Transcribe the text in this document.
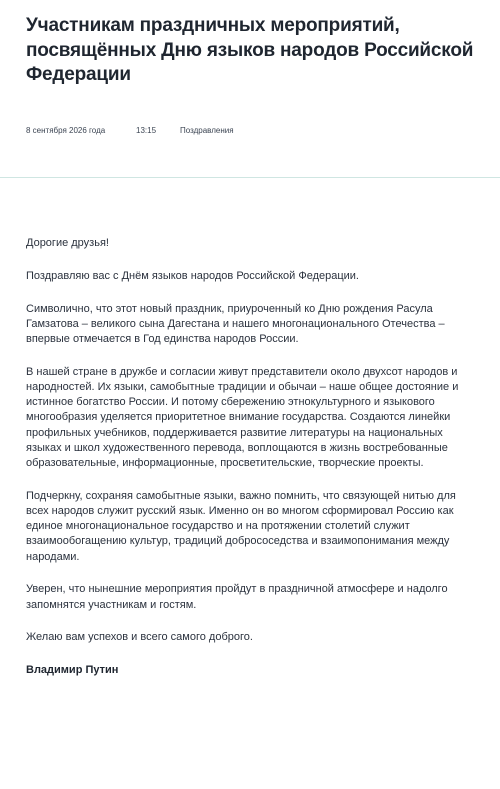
Участникам праздничных мероприятий, посвящённых Дню языков народов Российской Федерации
8 сентября 2026 года	13:15	Поздравления

Дорогие друзья!

Поздравляю вас с Днём языков народов Российской Федерации.

Символично, что этот новый праздник, приуроченный ко Дню рождения Расула Гамзатова – великого сына Дагестана и нашего многонационального Отечества – впервые отмечается в Год единства народов России.

В нашей стране в дружбе и согласии живут представители около двухсот народов и народностей. Их языки, самобытные традиции и обычаи – наше общее достояние и истинное богатство России. И потому сбережению этнокультурного и языкового многообразия уделяется приоритетное внимание государства. Создаются линейки профильных учебников, поддерживается развитие литературы на национальных языках и школ художественного перевода, воплощаются в жизнь востребованные образовательные, информационные, просветительские, творческие проекты.

Подчеркну, сохраняя самобытные языки, важно помнить, что связующей нитью для всех народов служит русский язык. Именно он во многом сформировал Россию как единое многонациональное государство и на протяжении столетий служит взаимообогащению культур, традиций добрососедства и взаимопонимания между народами.

Уверен, что нынешние мероприятия пройдут в праздничной атмосфере и надолго запомнятся участникам и гостям.

Желаю вам успехов и всего самого доброго.

Владимир Путин
